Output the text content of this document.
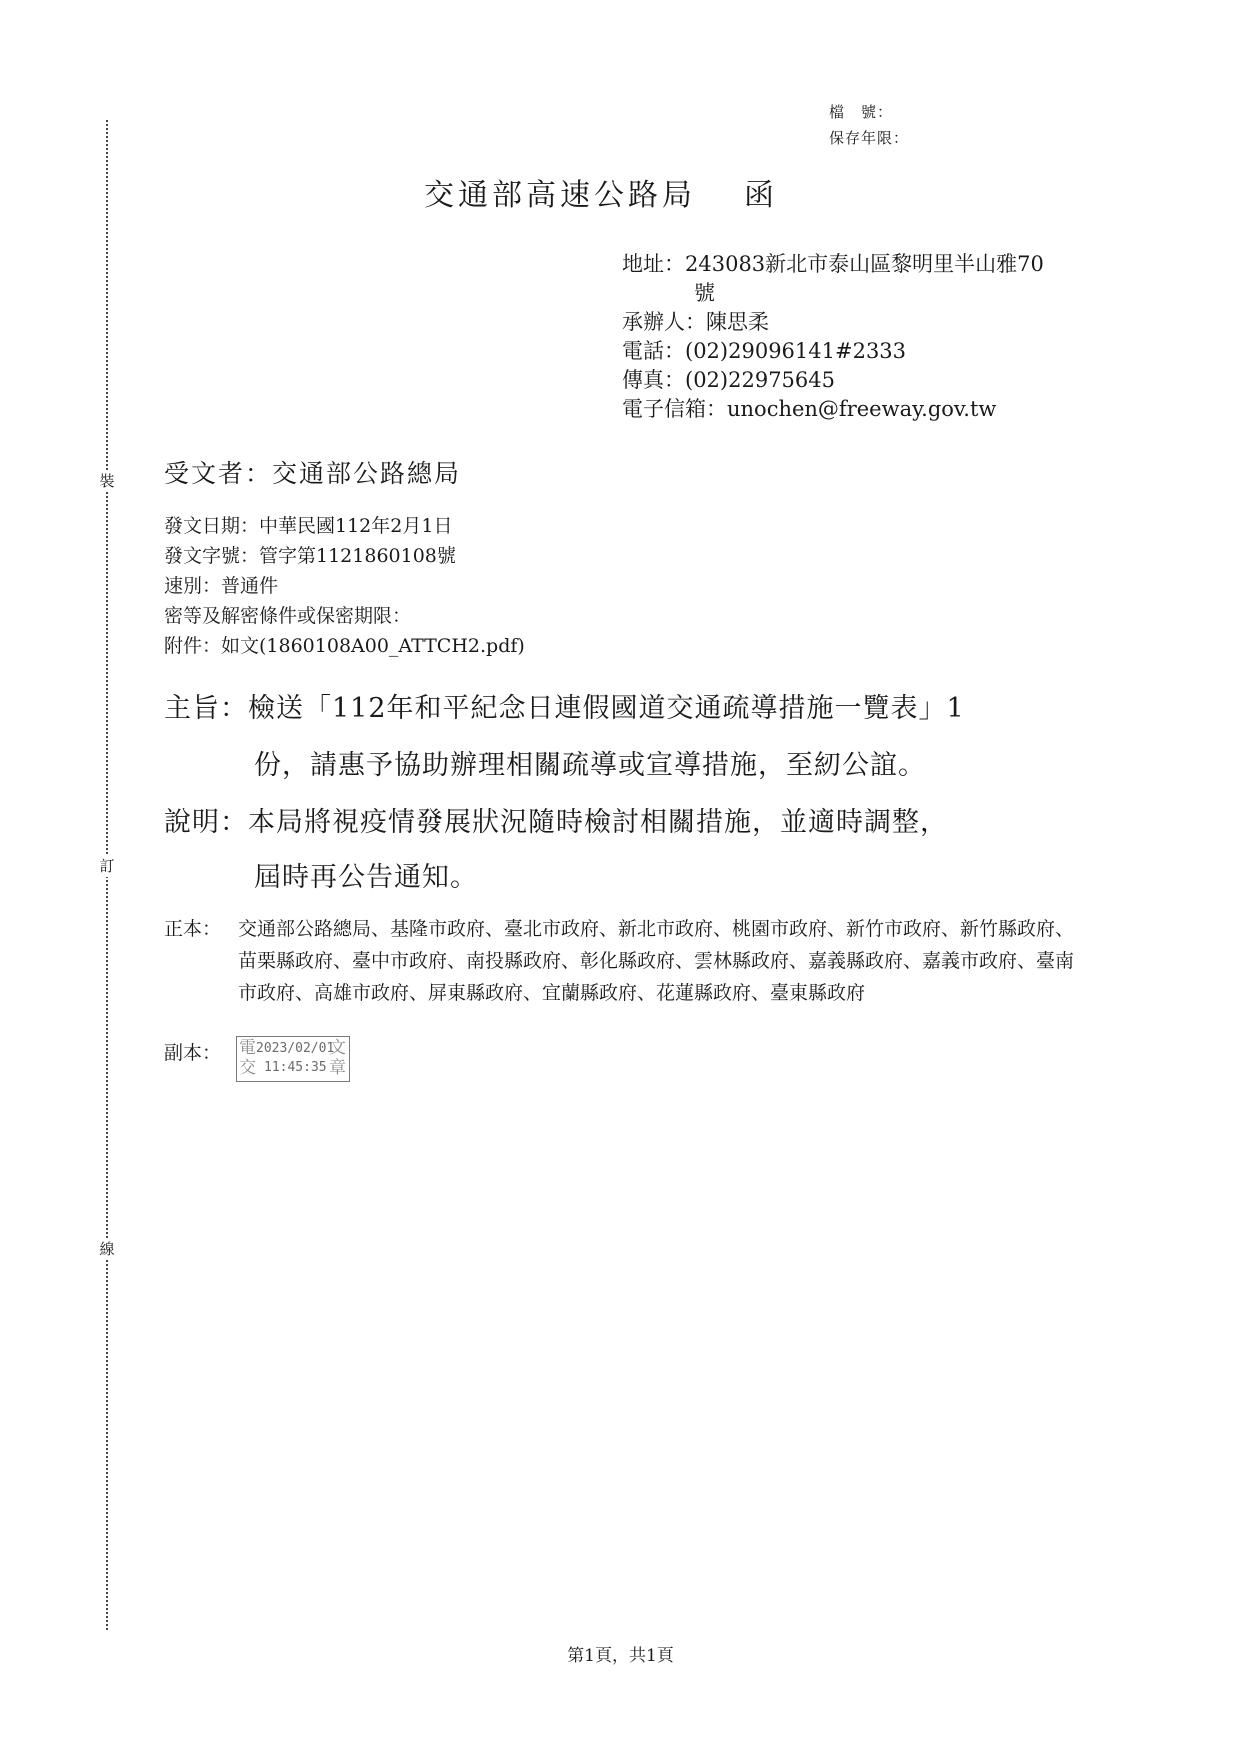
裝
訂
線
檔　號：
保存年限：
交通部高速公路局 函
地址：243083新北市泰山區黎明里半山雅70
號
承辦人：陳思柔
電話：(02)29096141#2333
傳真：(02)22975645
電子信箱：unochen@freeway.gov.tw
受文者：交通部公路總局
發文日期：中華民國112年2月1日
發文字號：管字第1121860108號
速別：普通件
密等及解密條件或保密期限：
附件：如文(1860108A00_ATTCH2.pdf)
主旨：檢送「112年和平紀念日連假國道交通疏導措施一覽表」1
份，請惠予協助辦理相關疏導或宣導措施，至紉公誼。
說明：本局將視疫情發展狀況隨時檢討相關措施，並適時調整，
屆時再公告通知。
正本： 交通部公路總局、基隆市政府、臺北市政府、新北市政府、桃園市政府、新竹市政府、新竹縣政府、苗栗縣政府、臺中市政府、南投縣政府、彰化縣政府、雲林縣政府、嘉義縣政府、嘉義市政府、臺南市政府、高雄市政府、屏東縣政府、宜蘭縣政府、花蓮縣政府、臺東縣政府
副本： 電
交
文
章
2023/02/01
11:45:35
第1頁，共1頁
